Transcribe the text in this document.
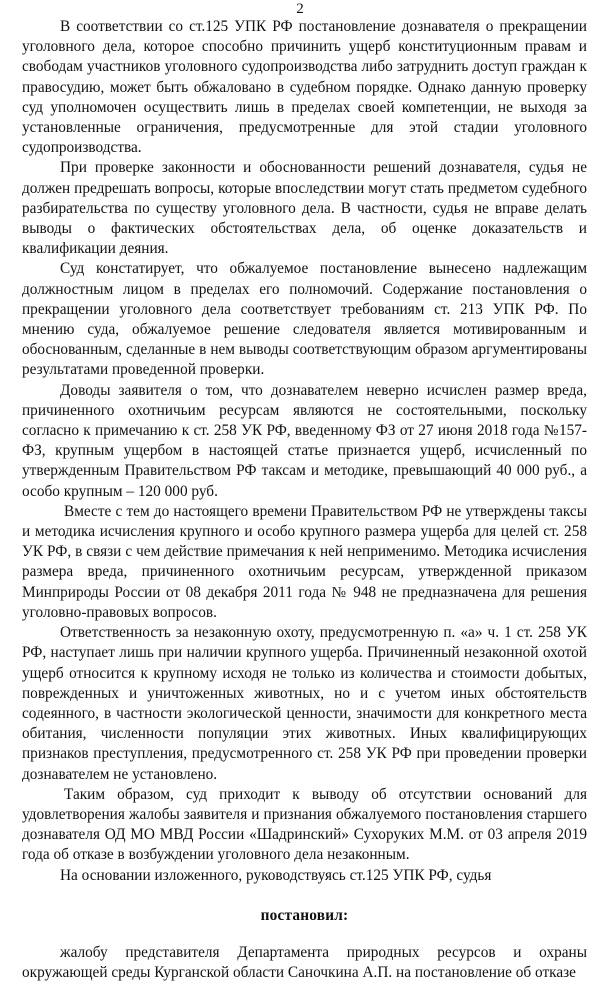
2

В соответствии со ст.125 УПК РФ постановление дознавателя о прекращении уголовного дела, которое способно причинить ущерб конституционным правам и свободам участников уголовного судопроизводства либо затруднить доступ граждан к правосудию, может быть обжаловано в судебном порядке. Однако данную проверку суд уполномочен осуществить лишь в пределах своей компетенции, не выходя за установленные ограничения, предусмотренные для этой стадии уголовного судопроизводства.

При проверке законности и обоснованности решений дознавателя, судья не должен предрешать вопросы, которые впоследствии могут стать предметом судебного разбирательства по существу уголовного дела. В частности, судья не вправе делать выводы о фактических обстоятельствах дела, об оценке доказательств и квалификации деяния.

Суд констатирует, что обжалуемое постановление вынесено надлежащим должностным лицом в пределах его полномочий. Содержание постановления о прекращении уголовного дела соответствует требованиям ст. 213 УПК РФ. По мнению суда, обжалуемое решение следователя является мотивированным и обоснованным, сделанные в нем выводы соответствующим образом аргументированы результатами проведенной проверки.

Доводы заявителя о том, что дознавателем неверно исчислен размер вреда, причиненного охотничьим ресурсам являются не состоятельными, поскольку согласно к примечанию к ст. 258 УК РФ, введенному ФЗ от 27 июня 2018 года №157-ФЗ, крупным ущербом в настоящей статье признается ущерб, исчисленный по утвержденным Правительством РФ таксам и методике, превышающий 40 000 руб., а особо крупным – 120 000 руб.

Вместе с тем до настоящего времени Правительством РФ не утверждены таксы и методика исчисления крупного и особо крупного размера ущерба для целей ст. 258 УК РФ, в связи с чем действие примечания к ней неприменимо. Методика исчисления размера вреда, причиненного охотничьим ресурсам, утвержденной приказом Минприроды России от 08 декабря 2011 года № 948 не предназначена для решения уголовно-правовых вопросов.

Ответственность за незаконную охоту, предусмотренную п. «а» ч. 1 ст. 258 УК РФ, наступает лишь при наличии крупного ущерба. Причиненный незаконной охотой ущерб относится к крупному исходя не только из количества и стоимости добытых, поврежденных и уничтоженных животных, но и с учетом иных обстоятельств содеянного, в частности экологической ценности, значимости для конкретного места обитания, численности популяции этих животных. Иных квалифицирующих признаков преступления, предусмотренного ст. 258 УК РФ при проведении проверки дознавателем не установлено.

Таким образом, суд приходит к выводу об отсутствии оснований для удовлетворения жалобы заявителя и признания обжалуемого постановления старшего дознавателя ОД МО МВД России «Шадринский» Сухоруких М.М. от 03 апреля 2019 года об отказе в возбуждении уголовного дела незаконным.

На основании изложенного, руководствуясь ст.125 УПК РФ, судья

постановил:

жалобу представителя Департамента природных ресурсов и охраны окружающей среды Курганской области Саночкина А.П. на постановление об отказе
